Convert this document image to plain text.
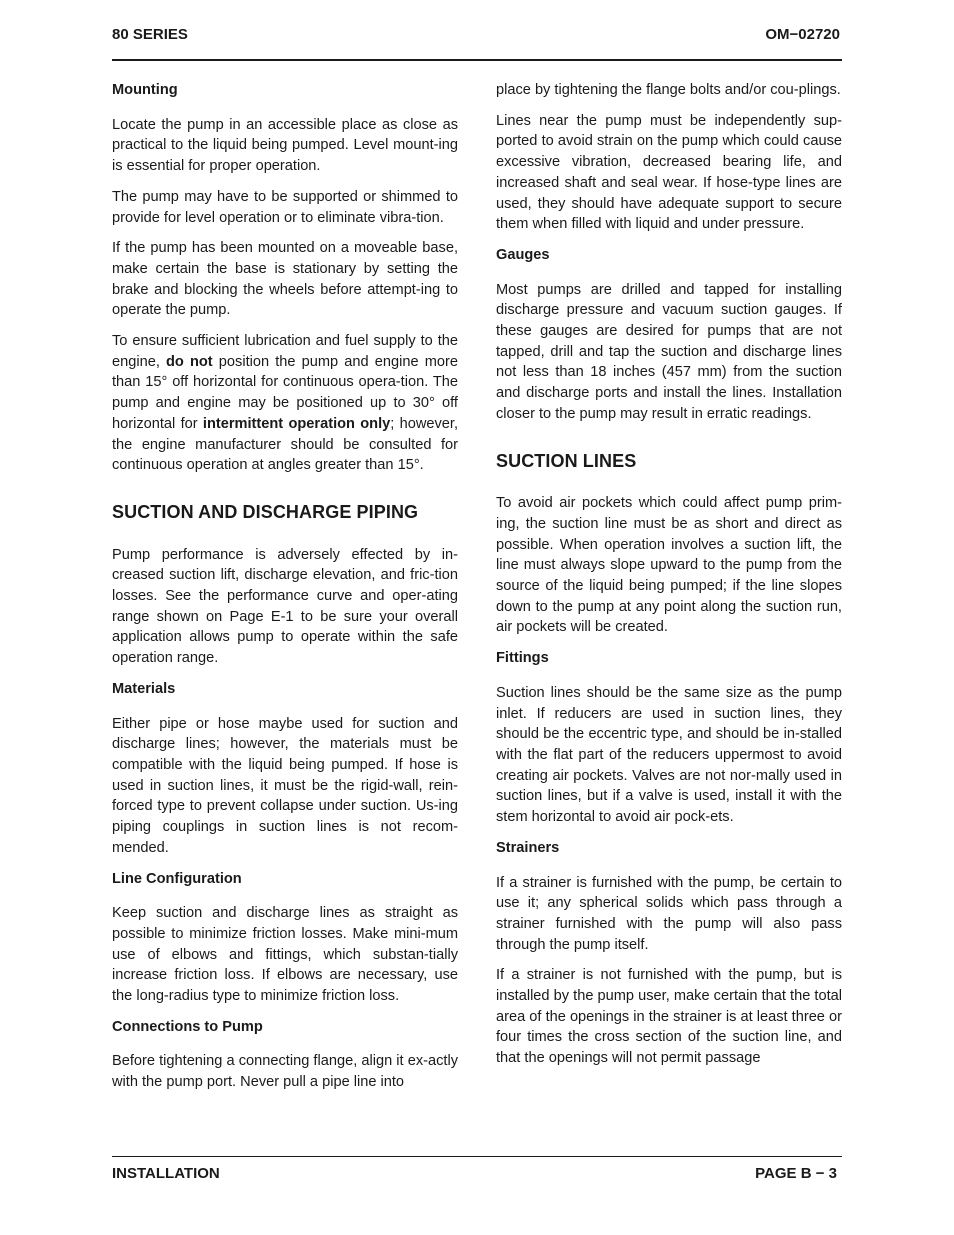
80 SERIES	OM−02720
Mounting

Locate the pump in an accessible place as close as practical to the liquid being pumped. Level mount-ing is essential for proper operation.

The pump may have to be supported or shimmed to provide for level operation or to eliminate vibra-tion.

If the pump has been mounted on a moveable base, make certain the base is stationary by setting the brake and blocking the wheels before attempt-ing to operate the pump.

To ensure sufficient lubrication and fuel supply to the engine, do not position the pump and engine more than 15° off horizontal for continuous opera-tion. The pump and engine may be positioned up to 30° off horizontal for intermittent operation only; however, the engine manufacturer should be consulted for continuous operation at angles greater than 15°.

SUCTION AND DISCHARGE PIPING

Pump performance is adversely effected by in-creased suction lift, discharge elevation, and fric-tion losses. See the performance curve and oper-ating range shown on Page E-1 to be sure your overall application allows pump to operate within the safe operation range.

Materials

Either pipe or hose maybe used for suction and discharge lines; however, the materials must be compatible with the liquid being pumped. If hose is used in suction lines, it must be the rigid-wall, rein-forced type to prevent collapse under suction. Us-ing piping couplings in suction lines is not recom-mended.

Line Configuration

Keep suction and discharge lines as straight as possible to minimize friction losses. Make mini-mum use of elbows and fittings, which substan-tially increase friction loss. If elbows are necessary, use the long-radius type to minimize friction loss.

Connections to Pump

Before tightening a connecting flange, align it ex-actly with the pump port. Never pull a pipe line into

place by tightening the flange bolts and/or cou-plings.

Lines near the pump must be independently sup-ported to avoid strain on the pump which could cause excessive vibration, decreased bearing life, and increased shaft and seal wear. If hose-type lines are used, they should have adequate support to secure them when filled with liquid and under pressure.

Gauges

Most pumps are drilled and tapped for installing discharge pressure and vacuum suction gauges. If these gauges are desired for pumps that are not tapped, drill and tap the suction and discharge lines not less than 18 inches (457 mm) from the suction and discharge ports and install the lines. Installation closer to the pump may result in erratic readings.

SUCTION LINES

To avoid air pockets which could affect pump prim-ing, the suction line must be as short and direct as possible. When operation involves a suction lift, the line must always slope upward to the pump from the source of the liquid being pumped; if the line slopes down to the pump at any point along the suction run, air pockets will be created.

Fittings

Suction lines should be the same size as the pump inlet. If reducers are used in suction lines, they should be the eccentric type, and should be in-stalled with the flat part of the reducers uppermost to avoid creating air pockets. Valves are not nor-mally used in suction lines, but if a valve is used, install it with the stem horizontal to avoid air pock-ets.

Strainers

If a strainer is furnished with the pump, be certain to use it; any spherical solids which pass through a strainer furnished with the pump will also pass through the pump itself.

If a strainer is not furnished with the pump, but is installed by the pump user, make certain that the total area of the openings in the strainer is at least three or four times the cross section of the suction line, and that the openings will not permit passage

INSTALLATION	PAGE B − 3
